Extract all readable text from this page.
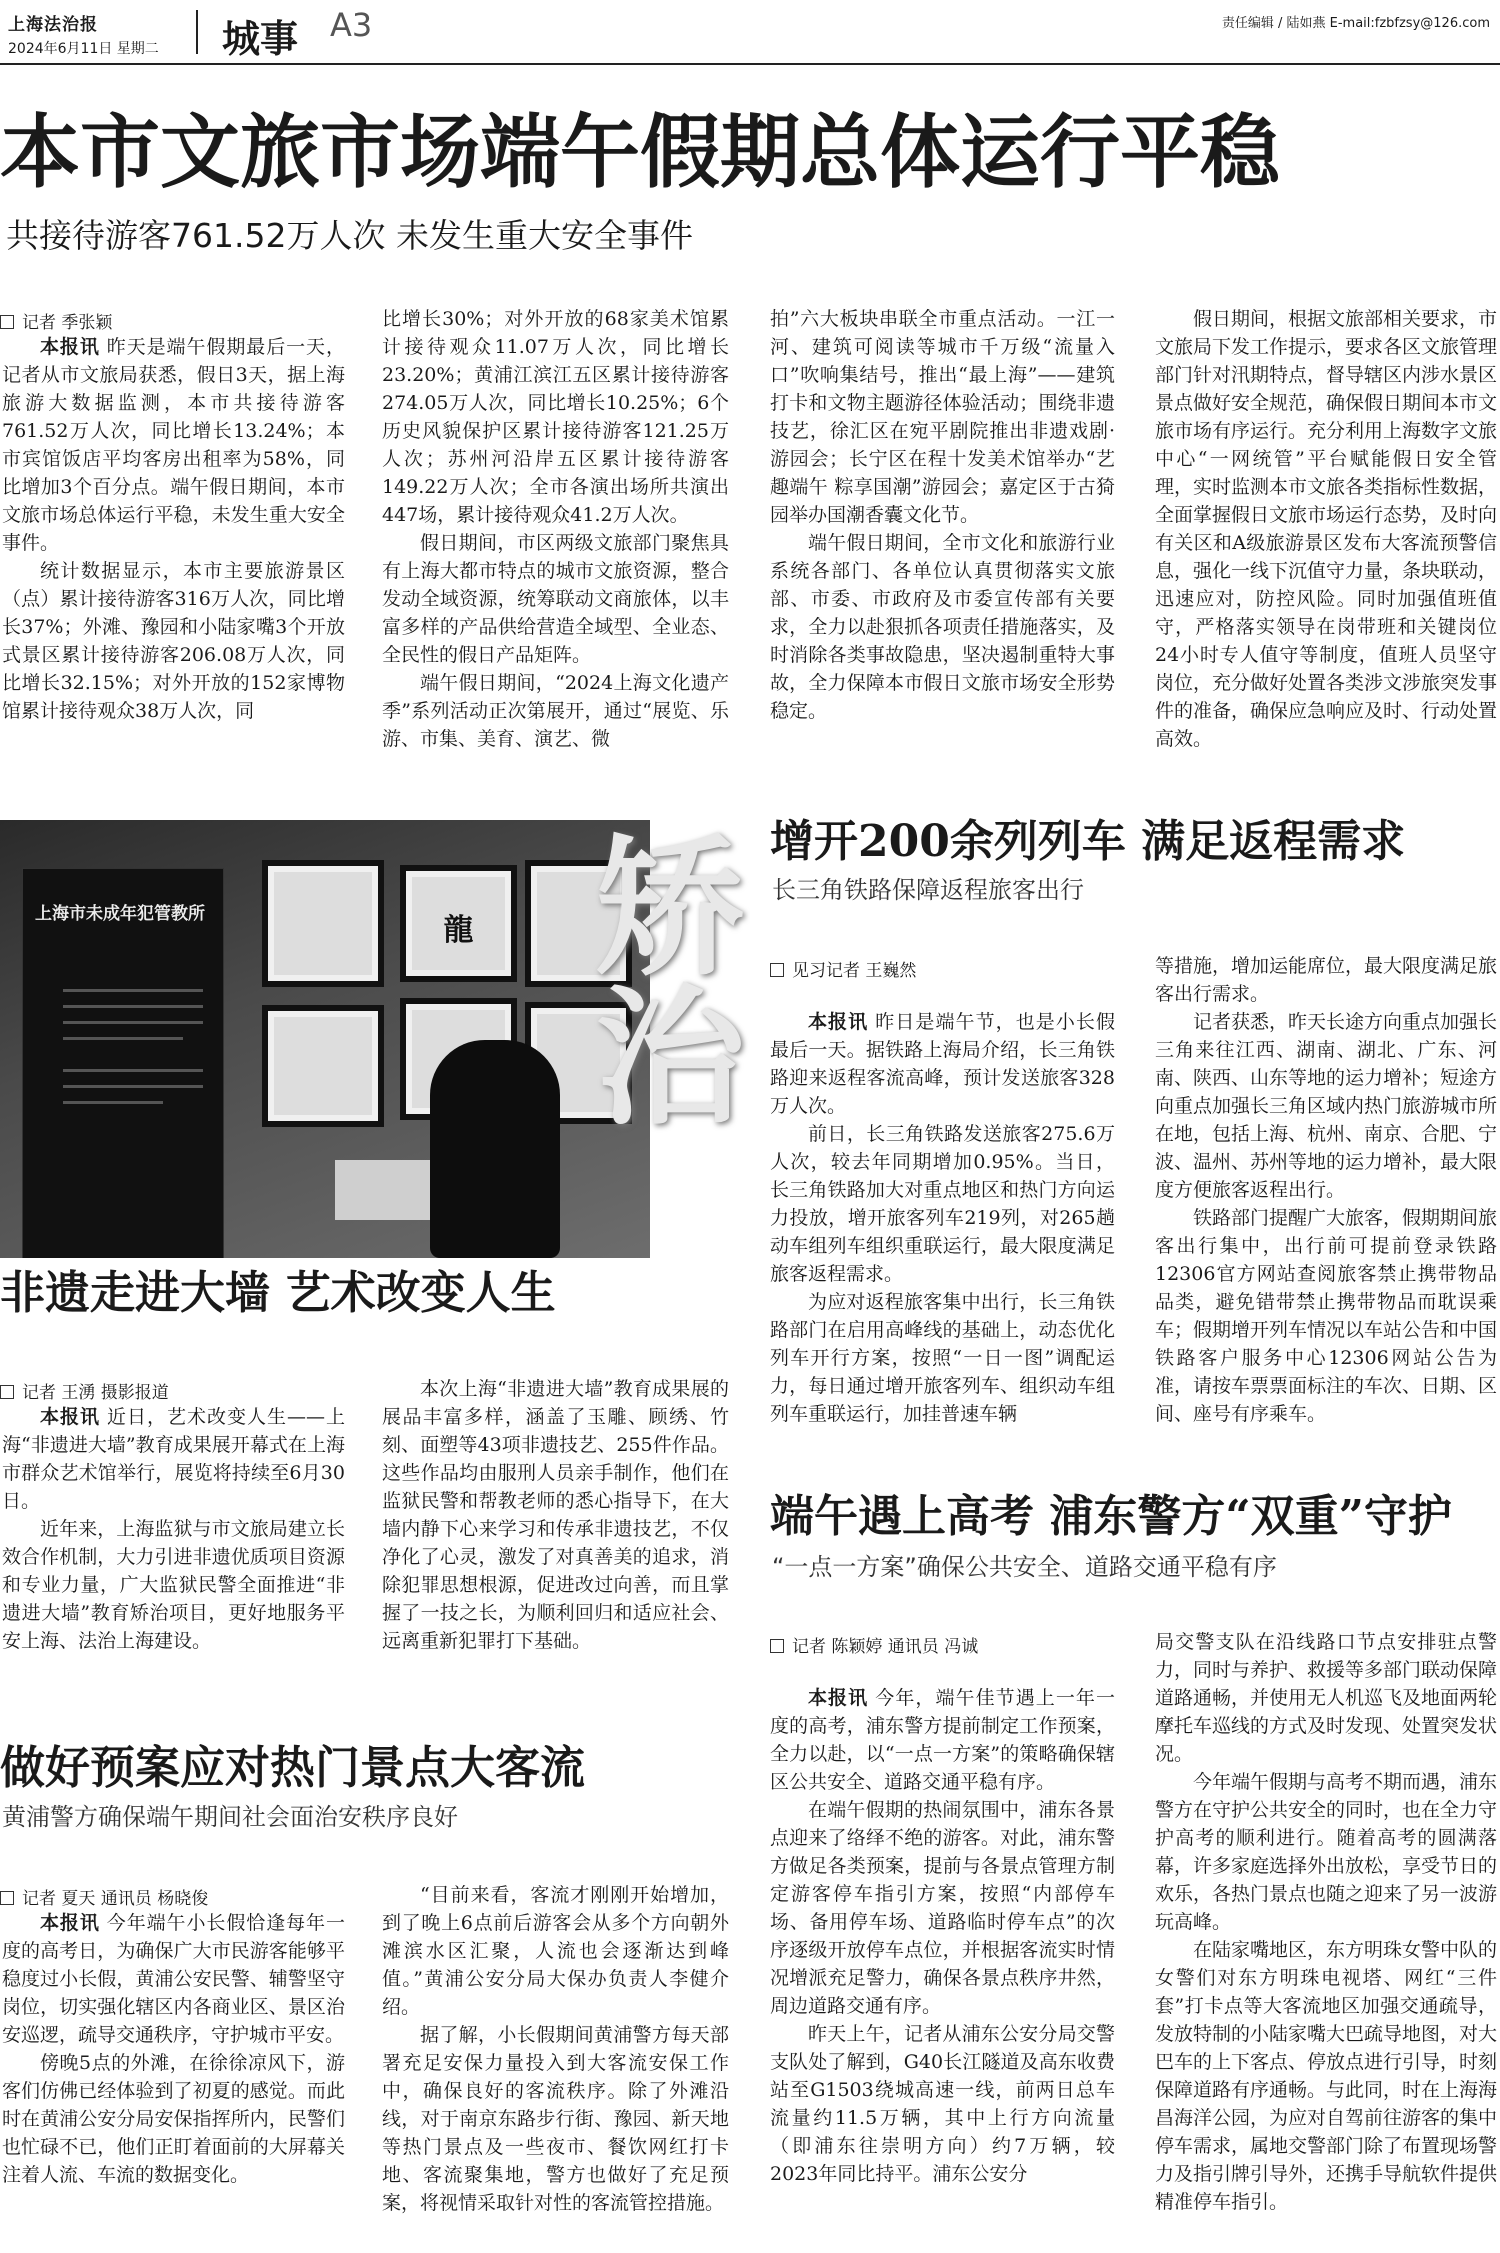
上海法治报
2024年6月11日 星期二 城事 A3	责任编辑 / 陆如燕 E-mail:fzbfzsy@126.com
本市文旅市场端午假期总体运行平稳
共接待游客761.52万人次 未发生重大安全事件
记者 季张颖

本报讯 昨天是端午假期最后一天，记者从市文旅局获悉，假日3天，据上海旅游大数据监测，本市共接待游客761.52万人次，同比增长13.24%；本市宾馆饭店平均客房出租率为58%，同比增加3个百分点。端午假日期间，本市文旅市场总体运行平稳，未发生重大安全事件。

统计数据显示，本市主要旅游景区（点）累计接待游客316万人次，同比增长37%；外滩、豫园和小陆家嘴3个开放式景区累计接待游客206.08万人次，同比增长32.15%；对外开放的152家博物馆累计接待观众38万人次，同

比增长30%；对外开放的68家美术馆累计接待观众11.07万人次，同比增长23.20%；黄浦江滨江五区累计接待游客274.05万人次，同比增长10.25%；6个历史风貌保护区累计接待游客121.25万人次；苏州河沿岸五区累计接待游客149.22万人次；全市各演出场所共演出447场，累计接待观众41.2万人次。

假日期间，市区两级文旅部门聚焦具有上海大都市特点的城市文旅资源，整合发动全域资源，统筹联动文商旅体，以丰富多样的产品供给营造全域型、全业态、全民性的假日产品矩阵。

端午假日期间，“2024上海文化遗产季”系列活动正次第展开，通过“展览、乐游、市集、美育、演艺、微

拍”六大板块串联全市重点活动。一江一河、建筑可阅读等城市千万级“流量入口”吹响集结号，推出“最上海”——建筑打卡和文物主题游径体验活动；围绕非遗技艺，徐汇区在宛平剧院推出非遗戏剧·游园会；长宁区在程十发美术馆举办“艺趣端午 粽享国潮”游园会；嘉定区于古猗园举办国潮香囊文化节。

端午假日期间，全市文化和旅游行业系统各部门、各单位认真贯彻落实文旅部、市委、市政府及市委宣传部有关要求，全力以赴狠抓各项责任措施落实，及时消除各类事故隐患，坚决遏制重特大事故，全力保障本市假日文旅市场安全形势稳定。

假日期间，根据文旅部相关要求，市文旅局下发工作提示，要求各区文旅管理部门针对汛期特点，督导辖区内涉水景区景点做好安全规范，确保假日期间本市文旅市场有序运行。充分利用上海数字文旅中心“一网统管”平台赋能假日安全管理，实时监测本市文旅各类指标性数据，全面掌握假日文旅市场运行态势，及时向有关区和A级旅游景区发布大客流预警信息，强化一线下沉值守力量，条块联动，迅速应对，防控风险。同时加强值班值守，严格落实领导在岗带班和关键岗位24小时专人值守等制度，值班人员坚守岗位，充分做好处置各类涉文涉旅突发事件的准备，确保应急响应及时、行动处置高效。

上海市未成年犯管教所	龍 矫治 增开200余列列车 满足返程需求
长三角铁路保障返程旅客出行
见习记者 王巍然

本报讯 昨日是端午节，也是小长假最后一天。据铁路上海局介绍，长三角铁路迎来返程客流高峰，预计发送旅客328万人次。

前日，长三角铁路发送旅客275.6万人次，较去年同期增加0.95%。当日，长三角铁路加大对重点地区和热门方向运力投放，增开旅客列车219列，对265趟动车组列车组织重联运行，最大限度满足旅客返程需求。

为应对返程旅客集中出行，长三角铁路部门在启用高峰线的基础上，动态优化列车开行方案，按照“一日一图”调配运力，每日通过增开旅客列车、组织动车组列车重联运行，加挂普速车辆

等措施，增加运能席位，最大限度满足旅客出行需求。

记者获悉，昨天长途方向重点加强长三角来往江西、湖南、湖北、广东、河南、陕西、山东等地的运力增补；短途方向重点加强长三角区域内热门旅游城市所在地，包括上海、杭州、南京、合肥、宁波、温州、苏州等地的运力增补，最大限度方便旅客返程出行。

铁路部门提醒广大旅客，假期期间旅客出行集中，出行前可提前登录铁路12306官方网站查阅旅客禁止携带物品品类，避免错带禁止携带物品而耽误乘车；假期增开列车情况以车站公告和中国铁路客户服务中心12306网站公告为准，请按车票票面标注的车次、日期、区间、座号有序乘车。

非遗走进大墙 艺术改变人生
记者 王湧 摄影报道

本报讯 近日，艺术改变人生——上海“非遗进大墙”教育成果展开幕式在上海市群众艺术馆举行，展览将持续至6月30日。

近年来，上海监狱与市文旅局建立长效合作机制，大力引进非遗优质项目资源和专业力量，广大监狱民警全面推进“非遗进大墙”教育矫治项目，更好地服务平安上海、法治上海建设。

本次上海“非遗进大墙”教育成果展的展品丰富多样，涵盖了玉雕、顾绣、竹刻、面塑等43项非遗技艺、255件作品。这些作品均由服刑人员亲手制作，他们在监狱民警和帮教老师的悉心指导下，在大墙内静下心来学习和传承非遗技艺，不仅净化了心灵，激发了对真善美的追求，消除犯罪思想根源，促进改过向善，而且掌握了一技之长，为顺利回归和适应社会、远离重新犯罪打下基础。

端午遇上高考 浦东警方“双重”守护
“一点一方案”确保公共安全、道路交通平稳有序
记者 陈颖婷 通讯员 冯诚

本报讯 今年，端午佳节遇上一年一度的高考，浦东警方提前制定工作预案，全力以赴，以“一点一方案”的策略确保辖区公共安全、道路交通平稳有序。

在端午假期的热闹氛围中，浦东各景点迎来了络绎不绝的游客。对此，浦东警方做足各类预案，提前与各景点管理方制定游客停车指引方案，按照“内部停车场、备用停车场、道路临时停车点”的次序逐级开放停车点位，并根据客流实时情况增派充足警力，确保各景点秩序井然，周边道路交通有序。

昨天上午，记者从浦东公安分局交警支队处了解到，G40长江隧道及高东收费站至G1503绕城高速一线，前两日总车流量约11.5万辆，其中上行方向流量（即浦东往崇明方向）约7万辆，较2023年同比持平。浦东公安分

局交警支队在沿线路口节点安排驻点警力，同时与养护、救援等多部门联动保障道路通畅，并使用无人机巡飞及地面两轮摩托车巡线的方式及时发现、处置突发状况。

今年端午假期与高考不期而遇，浦东警方在守护公共安全的同时，也在全力守护高考的顺利进行。随着高考的圆满落幕，许多家庭选择外出放松，享受节日的欢乐，各热门景点也随之迎来了另一波游玩高峰。

在陆家嘴地区，东方明珠女警中队的女警们对东方明珠电视塔、网红“三件套”打卡点等大客流地区加强交通疏导，发放特制的小陆家嘴大巴疏导地图，对大巴车的上下客点、停放点进行引导，时刻保障道路有序通畅。与此同，时在上海海昌海洋公园，为应对自驾前往游客的集中停车需求，属地交警部门除了布置现场警力及指引牌引导外，还携手导航软件提供精准停车指引。

做好预案应对热门景点大客流
黄浦警方确保端午期间社会面治安秩序良好
记者 夏天 通讯员 杨晓俊

本报讯 今年端午小长假恰逢每年一度的高考日，为确保广大市民游客能够平稳度过小长假，黄浦公安民警、辅警坚守岗位，切实强化辖区内各商业区、景区治安巡逻，疏导交通秩序，守护城市平安。

傍晚5点的外滩，在徐徐凉风下，游客们仿佛已经体验到了初夏的感觉。而此时在黄浦公安分局安保指挥所内，民警们也忙碌不已，他们正盯着面前的大屏幕关注着人流、车流的数据变化。

“目前来看，客流才刚刚开始增加，到了晚上6点前后游客会从多个方向朝外滩滨水区汇聚，人流也会逐渐达到峰值。”黄浦公安分局大保办负责人李健介绍。

据了解，小长假期间黄浦警方每天部署充足安保力量投入到大客流安保工作中，确保良好的客流秩序。除了外滩沿线，对于南京东路步行街、豫园、新天地等热门景点及一些夜市、餐饮网红打卡地、客流聚集地，警方也做好了充足预案，将视情采取针对性的客流管控措施。
